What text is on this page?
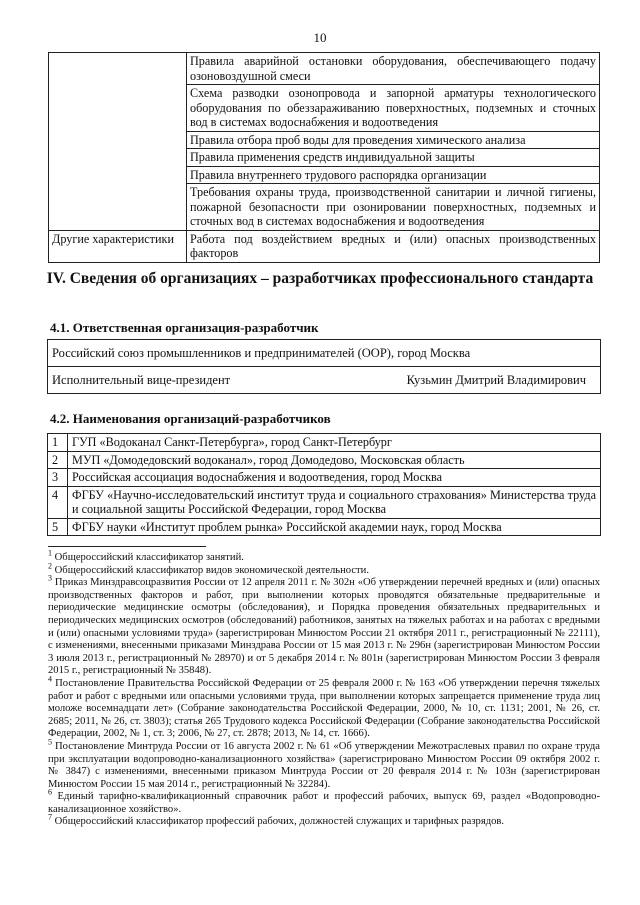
10
	Правила аварийной остановки оборудования, обеспечивающего подачу озоновоздушной смеси
	Схема разводки озонопровода и запорной арматуры технологического оборудования по обеззараживанию поверхностных, подземных и сточных вод в системах водоснабжения и водоотведения
	Правила отбора проб воды для проведения химического анализа
	Правила применения средств индивидуальной защиты
	Правила внутреннего трудового распорядка организации
	Требования охраны труда, производственной санитарии и личной гигиены, пожарной безопасности при озонировании поверхностных, подземных и сточных вод в системах водоснабжения и водоотведения
Другие характеристики	Работа под воздействием вредных и (или) опасных производственных факторов
IV. Сведения об организациях – разработчиках профессионального стандарта
4.1. Ответственная организация-разработчик
Российский союз промышленников и предпринимателей (ООР), город Москва
Исполнительный вице-президент	Кузьмин Дмитрий Владимирович
4.2. Наименования организаций-разработчиков
1	ГУП «Водоканал Санкт-Петербурга», город Санкт-Петербург
2	МУП «Домодедовский водоканал», город Домодедово, Московская область
3	Российская ассоциация водоснабжения и водоотведения, город Москва
4	ФГБУ «Научно-исследовательский институт труда и социального страхования» Министерства труда и социальной защиты Российской Федерации, город Москва
5	ФГБУ науки «Институт проблем рынка» Российской академии наук, город Москва
$^1$ Общероссийский классификатор занятий.
$^2$ Общероссийский классификатор видов экономической деятельности.
$^3$ Приказ Минздравсоцразвития России от 12 апреля 2011 г. № 302н «Об утверждении перечней вредных и (или) опасных производственных факторов и работ, при выполнении которых проводятся обязательные предварительные и периодические медицинские осмотры (обследования), и Порядка проведения обязательных предварительных и периодических медицинских осмотров (обследований) работников, занятых на тяжелых работах и на работах с вредными и (или) опасными условиями труда» (зарегистрирован Минюстом России 21 октября 2011 г., регистрационный № 22111), с изменениями, внесенными приказами Минздрава России от 15 мая 2013 г. № 296н (зарегистрирован Минюстом России 3 июля 2013 г., регистрационный № 28970) и от 5 декабря 2014 г. № 801н (зарегистрирован Минюстом России 3 февраля 2015 г., регистрационный № 35848).
$^4$ Постановление Правительства Российской Федерации от 25 февраля 2000 г. № 163 «Об утверждении перечня тяжелых работ и работ с вредными или опасными условиями труда, при выполнении которых запрещается применение труда лиц моложе восемнадцати лет» (Собрание законодательства Российской Федерации, 2000, № 10, ст. 1131; 2001, № 26, ст. 2685; 2011, № 26, ст. 3803); статья 265 Трудового кодекса Российской Федерации (Собрание законодательства Российской Федерации, 2002, № 1, ст. 3; 2006, № 27, ст. 2878; 2013, № 14, ст. 1666).
$^5$ Постановление Минтруда России от 16 августа 2002 г. № 61 «Об утверждении Межотраслевых правил по охране труда при эксплуатации водопроводно-канализационного хозяйства» (зарегистрировано Минюстом России 09 октября 2002 г. № 3847) с изменениями, внесенными приказом Минтруда России от 20 февраля 2014 г. № 103н (зарегистрирован Минюстом России 15 мая 2014 г., регистрационный № 32284).
$^6$ Единый тарифно-квалификационный справочник работ и профессий рабочих, выпуск 69, раздел «Водопроводно-канализационное хозяйство».
$^7$ Общероссийский классификатор профессий рабочих, должностей служащих и тарифных разрядов.
